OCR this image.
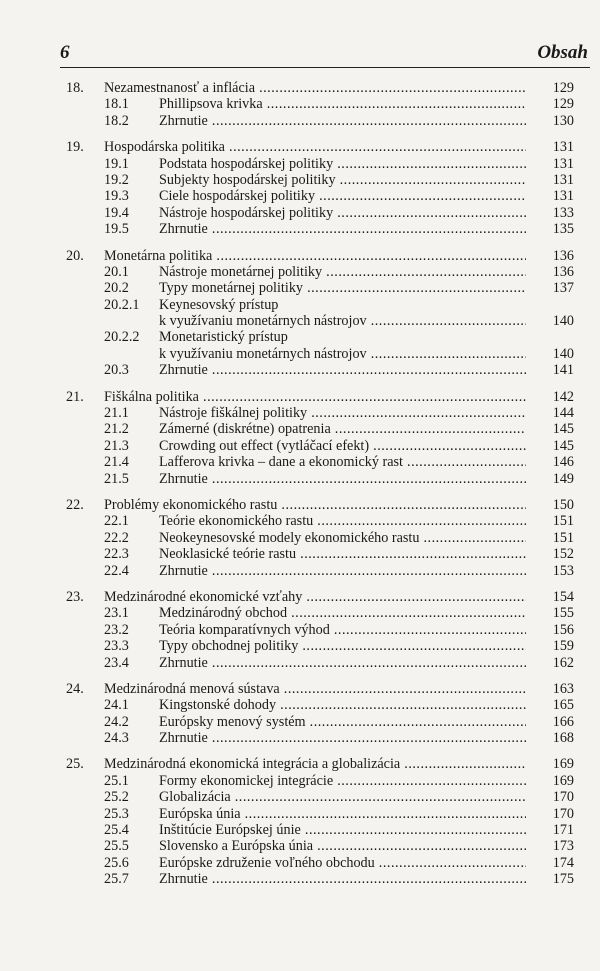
6	Obsah
18. Nezamestnanosť a inflácia .....	129
18.1 Phillipsova krivka .....	129
18.2 Zhrnutie .....	130
19. Hospodárska politika .....	131
19.1 Podstata hospodárskej politiky .....	131
19.2 Subjekty hospodárskej politiky .....	131
19.3 Ciele hospodárskej politiky .....	131
19.4 Nástroje hospodárskej politiky .....	133
19.5 Zhrnutie .....	135
20. Monetárna politika .....	136
20.1 Nástroje monetárnej politiky .....	136
20.2 Typy monetárnej politiky .....	137
20.2.1 Keynesovský prístup
k využívaniu monetárnych nástrojov .....	140
20.2.2 Monetaristický prístup
k využívaniu monetárnych nástrojov .....	140
20.3 Zhrnutie .....	141
21. Fiškálna politika .....	142
21.1 Nástroje fiškálnej politiky .....	144
21.2 Zámerné (diskrétne) opatrenia .....	145
21.3 Crowding out effect (vytláčací efekt) .....	145
21.4 Lafferova krivka – dane a ekonomický rast .....	146
21.5 Zhrnutie .....	149
22. Problémy ekonomického rastu .....	150
22.1 Teórie ekonomického rastu .....	151
22.2 Neokeynesovské modely ekonomického rastu .....	151
22.3 Neoklasické teórie rastu .....	152
22.4 Zhrnutie .....	153
23. Medzinárodné ekonomické vzťahy .....	154
23.1 Medzinárodný obchod .....	155
23.2 Teória komparatívnych výhod .....	156
23.3 Typy obchodnej politiky .....	159
23.4 Zhrnutie .....	162
24. Medzinárodná menová sústava .....	163
24.1 Kingstonské dohody .....	165
24.2 Európsky menový systém .....	166
24.3 Zhrnutie .....	168
25. Medzinárodná ekonomická integrácia a globalizácia .....	169
25.1 Formy ekonomickej integrácie .....	169
25.2 Globalizácia .....	170
25.3 Európska únia .....	170
25.4 Inštitúcie Európskej únie .....	171
25.5 Slovensko a Európska únia .....	173
25.6 Európske združenie voľného obchodu .....	174
25.7 Zhrnutie .....	175
